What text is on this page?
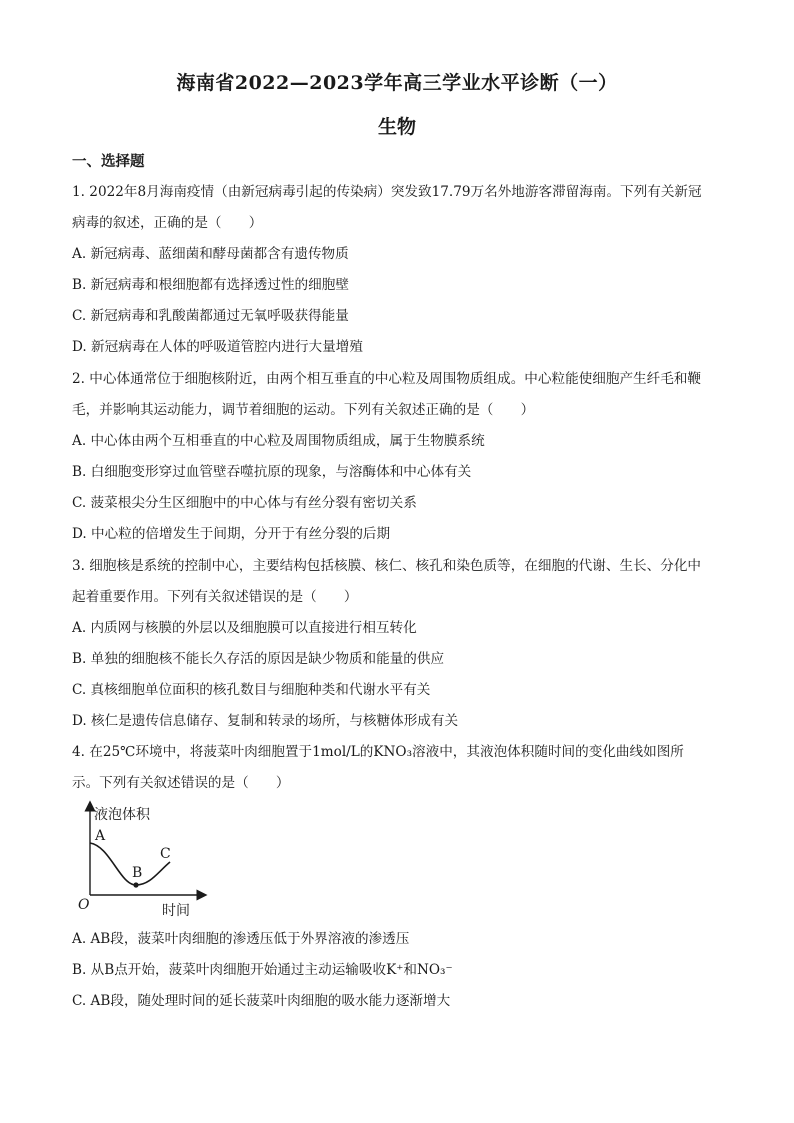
海南省2022—2023学年高三学业水平诊断（一）
生物
一、选择题
1. 2022年8月海南疫情（由新冠病毒引起的传染病）突发致17.79万名外地游客滞留海南。下列有关新冠
病毒的叙述，正确的是（　　）
A. 新冠病毒、蓝细菌和酵母菌都含有遗传物质
B. 新冠病毒和根细胞都有选择透过性的细胞壁
C. 新冠病毒和乳酸菌都通过无氧呼吸获得能量
D. 新冠病毒在人体的呼吸道管腔内进行大量增殖
2. 中心体通常位于细胞核附近，由两个相互垂直的中心粒及周围物质组成。中心粒能使细胞产生纤毛和鞭
毛，并影响其运动能力，调节着细胞的运动。下列有关叙述正确的是（　　）
A. 中心体由两个互相垂直的中心粒及周围物质组成，属于生物膜系统
B. 白细胞变形穿过血管壁吞噬抗原的现象，与溶酶体和中心体有关
C. 菠菜根尖分生区细胞中的中心体与有丝分裂有密切关系
D. 中心粒的倍增发生于间期，分开于有丝分裂的后期
3. 细胞核是系统的控制中心，主要结构包括核膜、核仁、核孔和染色质等，在细胞的代谢、生长、分化中
起着重要作用。下列有关叙述错误的是（　　）
A. 内质网与核膜的外层以及细胞膜可以直接进行相互转化
B. 单独的细胞核不能长久存活的原因是缺少物质和能量的供应
C. 真核细胞单位面积的核孔数目与细胞种类和代谢水平有关
D. 核仁是遗传信息储存、复制和转录的场所，与核糖体形成有关
4. 在25℃环境中，将菠菜叶肉细胞置于1mol/L的KNO₃溶液中，其液泡体积随时间的变化曲线如图所
示。下列有关叙述错误的是（　　）
液泡体积
时间
O
A
B
C
A. AB段，菠菜叶肉细胞的渗透压低于外界溶液的渗透压
B. 从B点开始，菠菜叶肉细胞开始通过主动运输吸收K⁺和NO₃⁻
C. AB段，随处理时间的延长菠菜叶肉细胞的吸水能力逐渐增大
